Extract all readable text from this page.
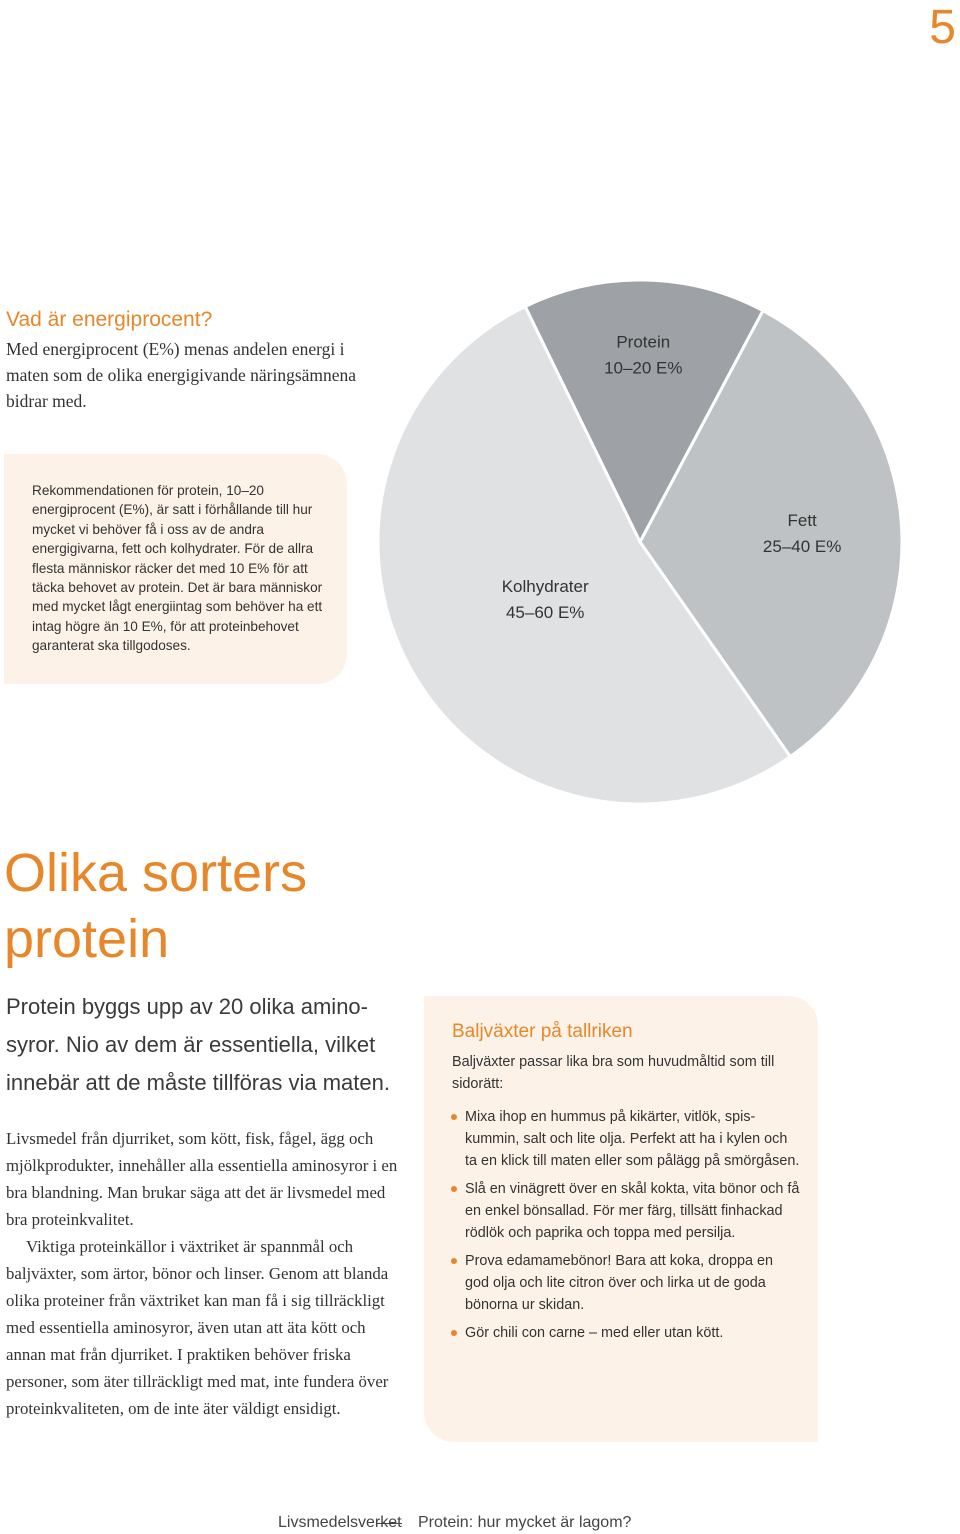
5
Vad är energiprocent?
Med energiprocent (E%) menas andelen energi i maten som de olika energigivande näringsämnena bidrar med.
Rekommendationen för protein, 10–20 energiprocent (E%), är satt i förhållande till hur mycket vi behöver få i oss av de andra energigivarna, fett och kolhydrater. För de allra flesta människor räcker det med 10 E% för att täcka behovet av protein. Det är bara människor med mycket lågt energiintag som behöver ha ett intag högre än 10 E%, för att proteinbehovet garanterat ska tillgodoses.
Protein
10–20 E%
Fett
25–40 E%
Kolhydrater
45–60 E%
Olika sorters protein
Protein byggs upp av 20 olika aminosyror. Nio av dem är essentiella, vilket innebär att de måste tillföras via maten.

Livsmedel från djurriket, som kött, fisk, fågel, ägg och mjölkprodukter, innehåller alla essentiella aminosyror i en bra blandning. Man brukar säga att det är livsmedel med bra proteinkvalitet.

Viktiga proteinkällor i växtriket är spannmål och baljväxter, som ärtor, bönor och linser. Genom att blanda olika proteiner från växtriket kan man få i sig tillräckligt med essentiella aminosyror, även utan att äta kött och annan mat från djurriket. I praktiken behöver friska personer, som äter tillräckligt med mat, inte fundera över proteinkvaliteten, om de inte äter väldigt ensidigt.

Baljväxter på tallriken
Baljväxter passar lika bra som huvudmåltid som till sidorätt:
Mixa ihop en hummus på kikärter, vitlök, spiskummin, salt och lite olja. Perfekt att ha i kylen och ta en klick till maten eller som pålägg på smörgåsen.
Slå en vinägrett över en skål kokta, vita bönor och få en enkel bönsallad. För mer färg, tillsätt finhackad rödlök och paprika och toppa med persilja.
Prova edamamebönor! Bara att koka, droppa en god olja och lite citron över och lirka ut de goda bönorna ur skidan.
Gör chili con carne – med eller utan kött.
Livsmedelsverket Protein: hur mycket är lagom?
